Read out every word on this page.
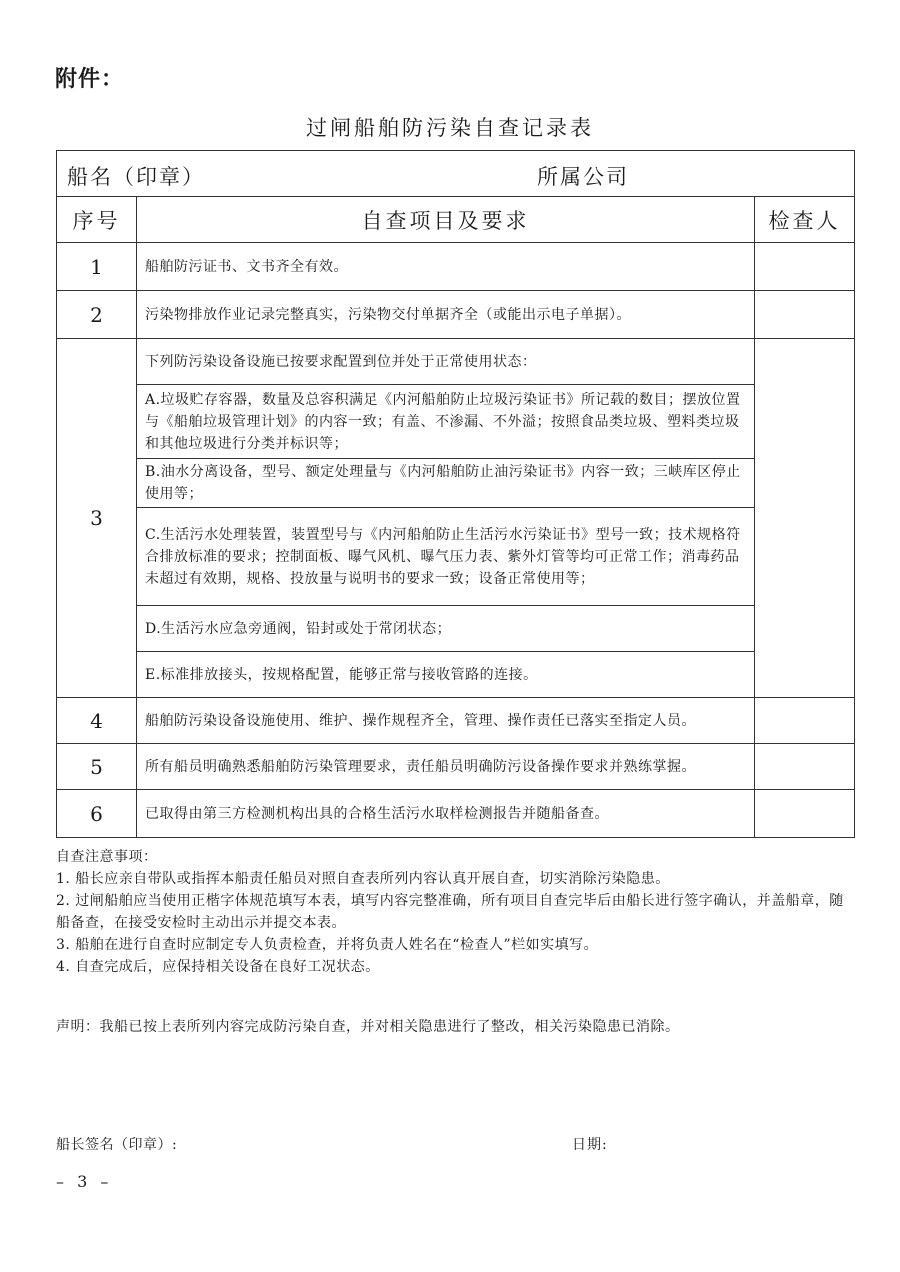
附件：
过闸船舶防污染自查记录表
船名（印章） 所属公司		

序号	自查项目及要求	检查人
1	船舶防污证书、文书齐全有效。	
2	污染物排放作业记录完整真实，污染物交付单据齐全（或能出示电子单据）。	
3	下列防污染设备设施已按要求配置到位并处于正常使用状态：	
	A.垃圾贮存容器，数量及总容积满足《内河船舶防止垃圾污染证书》所记载的数目；摆放位置与《船舶垃圾管理计划》的内容一致；有盖、不渗漏、不外溢；按照食品类垃圾、塑料类垃圾和其他垃圾进行分类并标识等；	
	B.油水分离设备，型号、额定处理量与《内河船舶防止油污染证书》内容一致；三峡库区停止使用等；	
	C.生活污水处理装置，装置型号与《内河船舶防止生活污水污染证书》型号一致；技术规格符合排放标准的要求；控制面板、曝气风机、曝气压力表、紫外灯管等均可正常工作；消毒药品未超过有效期，规格、投放量与说明书的要求一致；设备正常使用等；	
	D.生活污水应急旁通阀，铅封或处于常闭状态；	
	E.标准排放接头，按规格配置，能够正常与接收管路的连接。	
4	船舶防污染设备设施使用、维护、操作规程齐全，管理、操作责任已落实至指定人员。	
5	所有船员明确熟悉船舶防污染管理要求，责任船员明确防污设备操作要求并熟练掌握。	
6	已取得由第三方检测机构出具的合格生活污水取样检测报告并随船备查。	

自查注意事项：

1. 船长应亲自带队或指挥本船责任船员对照自查表所列内容认真开展自查，切实消除污染隐患。

2. 过闸船舶应当使用正楷字体规范填写本表，填写内容完整准确，所有项目自查完毕后由船长进行签字确认，并盖船章，随船备查，在接受安检时主动出示并提交本表。

3. 船舶在进行自查时应制定专人负责检查，并将负责人姓名在“检查人”栏如实填写。

4. 自查完成后，应保持相关设备在良好工况状态。

声明：我船已按上表所列内容完成防污染自查，并对相关隐患进行了整改，相关污染隐患已消除。
船长签名（印章）:	日期:
– 3 –
